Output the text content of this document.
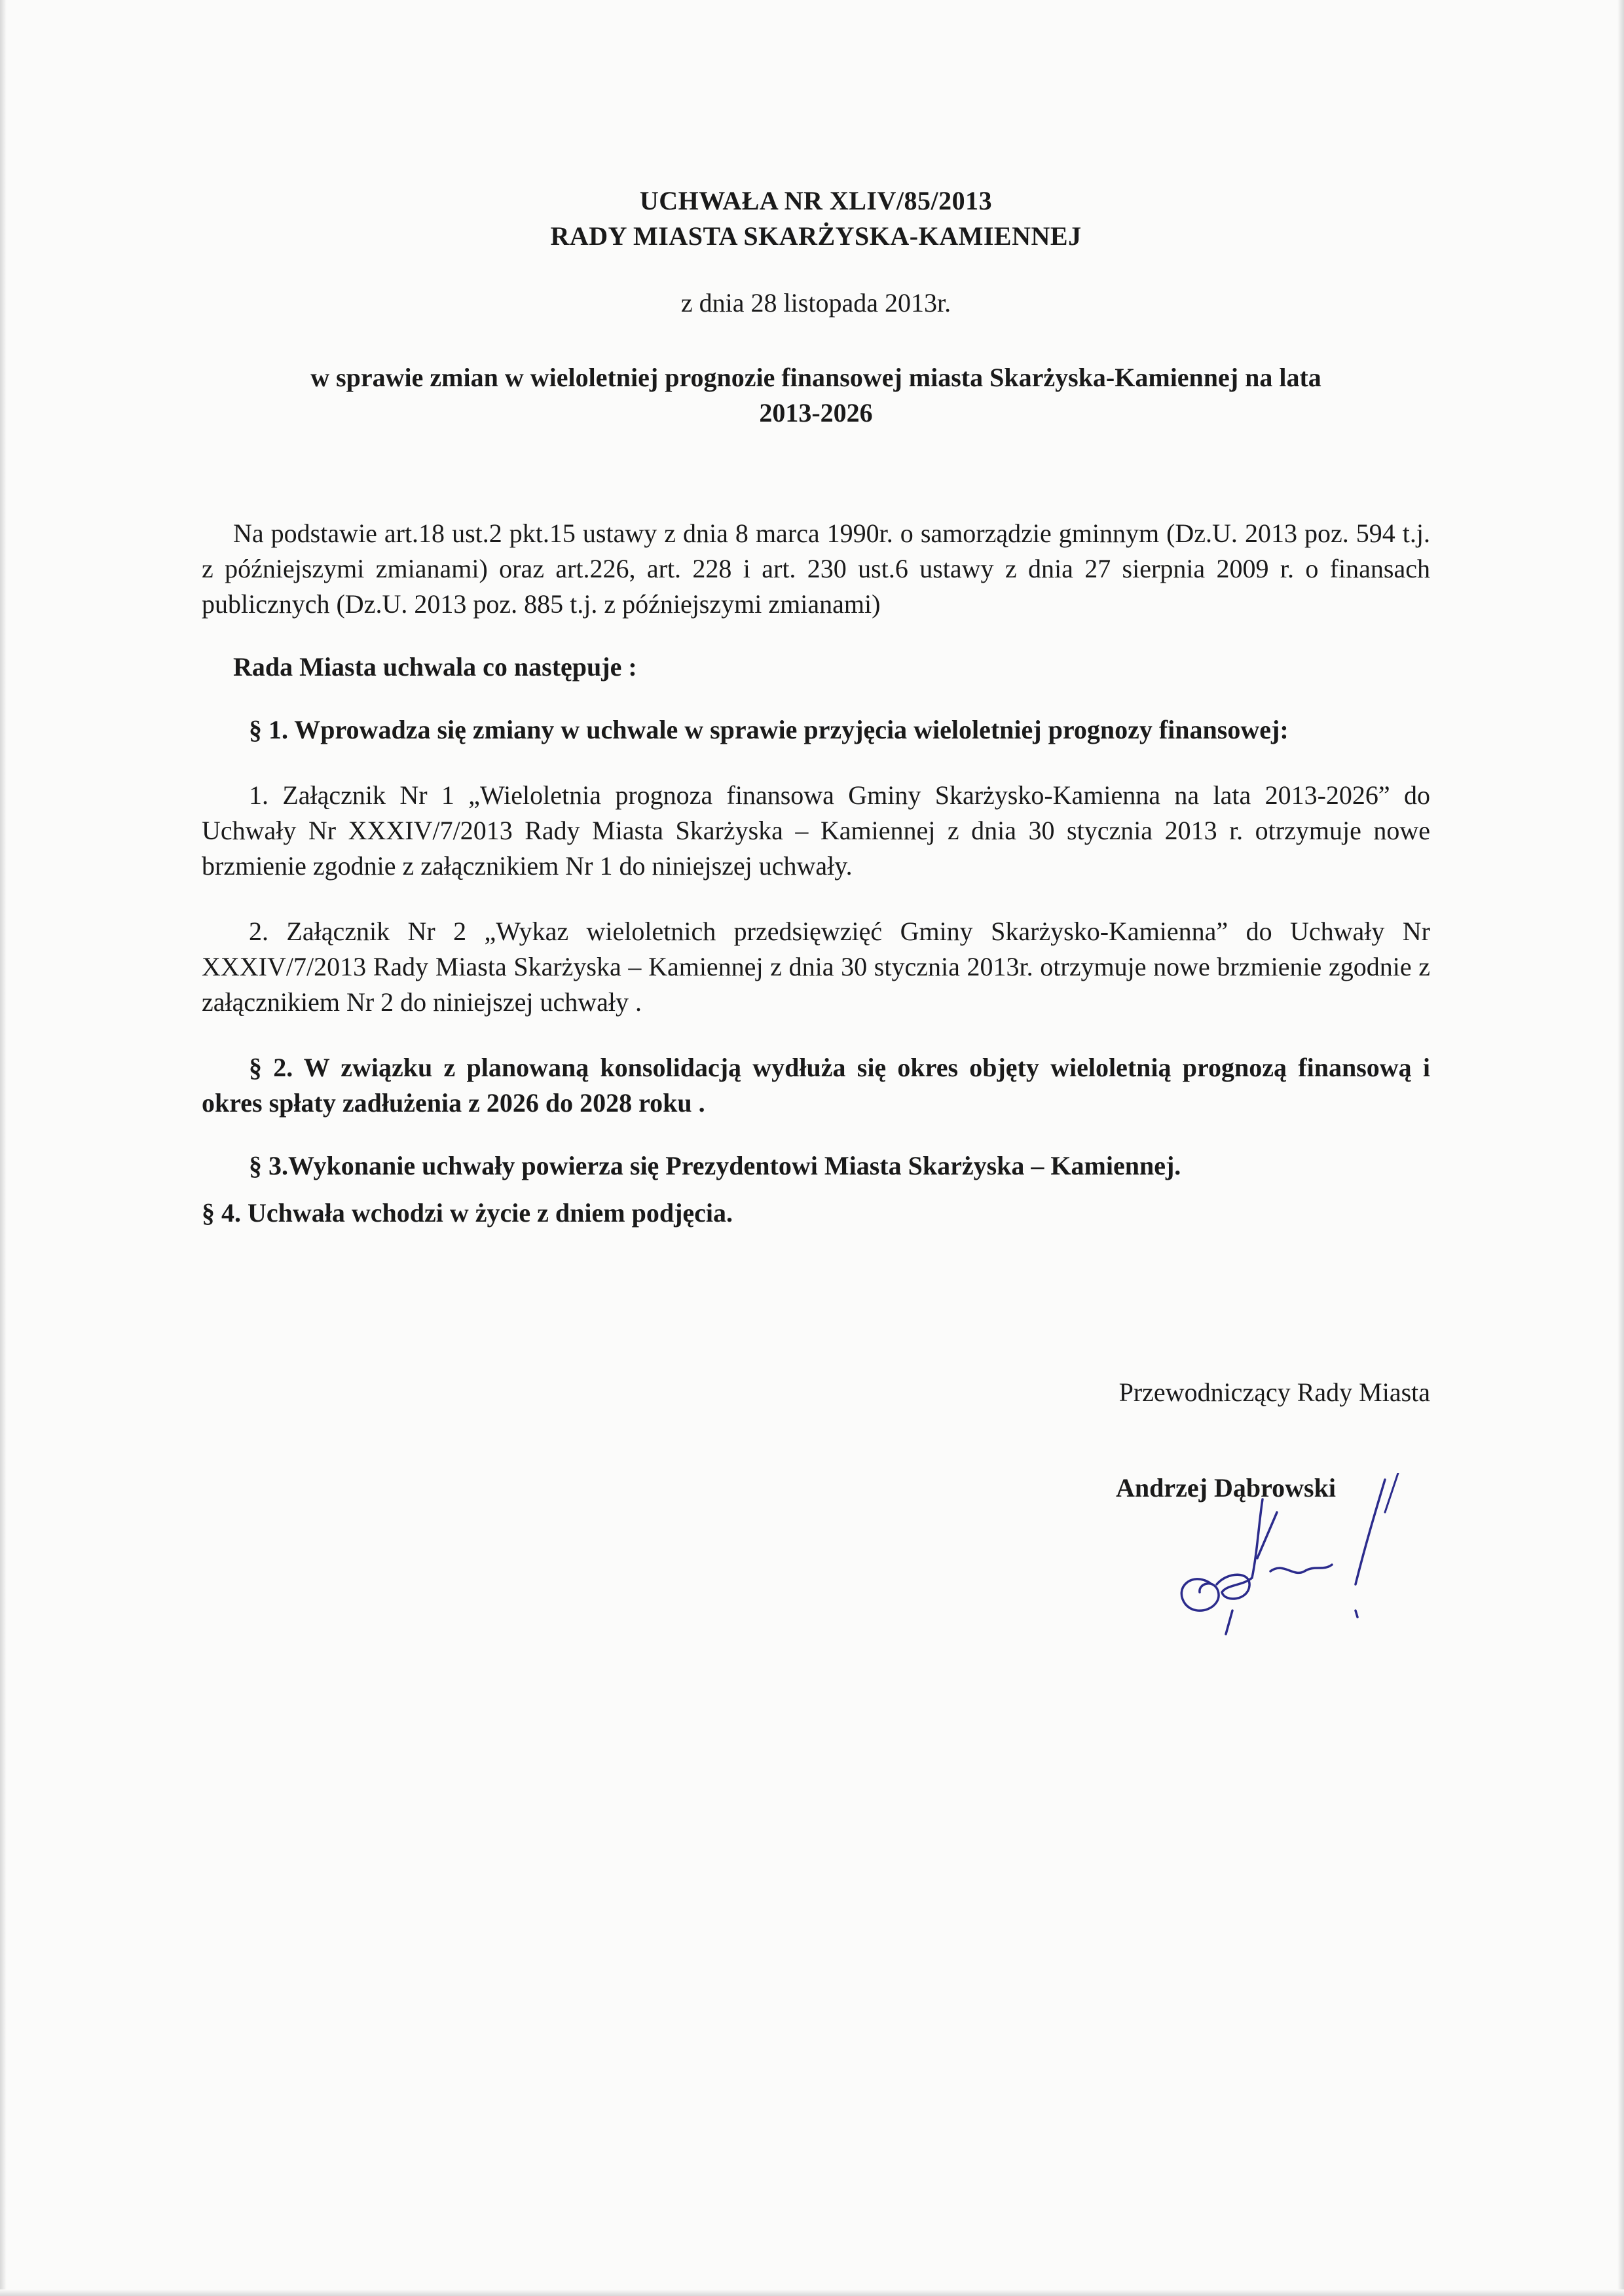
UCHWAŁA NR XLIV/85/2013
RADY MIASTA SKARŻYSKA-KAMIENNEJ
z dnia 28 listopada 2013r.
w sprawie zmian w wieloletniej prognozie finansowej miasta Skarżyska-Kamiennej na lata
2013-2026
Na podstawie art.18 ust.2 pkt.15 ustawy z dnia 8 marca 1990r. o samorządzie gminnym (Dz.U. 2013 poz. 594 t.j. z późniejszymi zmianami) oraz art.226, art. 228 i art. 230 ust.6 ustawy z dnia 27 sierpnia 2009 r. o finansach publicznych (Dz.U. 2013 poz. 885 t.j. z późniejszymi zmianami)
Rada Miasta uchwala co następuje :
§ 1. Wprowadza się zmiany w uchwale w sprawie przyjęcia wieloletniej prognozy finansowej:
1. Załącznik Nr 1 „Wieloletnia prognoza finansowa Gminy Skarżysko-Kamienna na lata 2013-2026” do Uchwały Nr XXXIV/7/2013 Rady Miasta Skarżyska – Kamiennej z dnia 30 stycznia 2013 r. otrzymuje nowe brzmienie zgodnie z załącznikiem Nr 1 do niniejszej uchwały.
2. Załącznik Nr 2 „Wykaz wieloletnich przedsięwzięć Gminy Skarżysko-Kamienna” do Uchwały Nr XXXIV/7/2013 Rady Miasta Skarżyska – Kamiennej z dnia 30 stycznia 2013r. otrzymuje nowe brzmienie zgodnie z załącznikiem Nr 2 do niniejszej uchwały .
§ 2. W związku z planowaną konsolidacją wydłuża się okres objęty wieloletnią prognozą finansową i okres spłaty zadłużenia z 2026 do 2028 roku .
§ 3.Wykonanie uchwały powierza się Prezydentowi Miasta Skarżyska – Kamiennej.
§ 4. Uchwała wchodzi w życie z dniem podjęcia.
Przewodniczący Rady Miasta
Andrzej Dąbrowski
